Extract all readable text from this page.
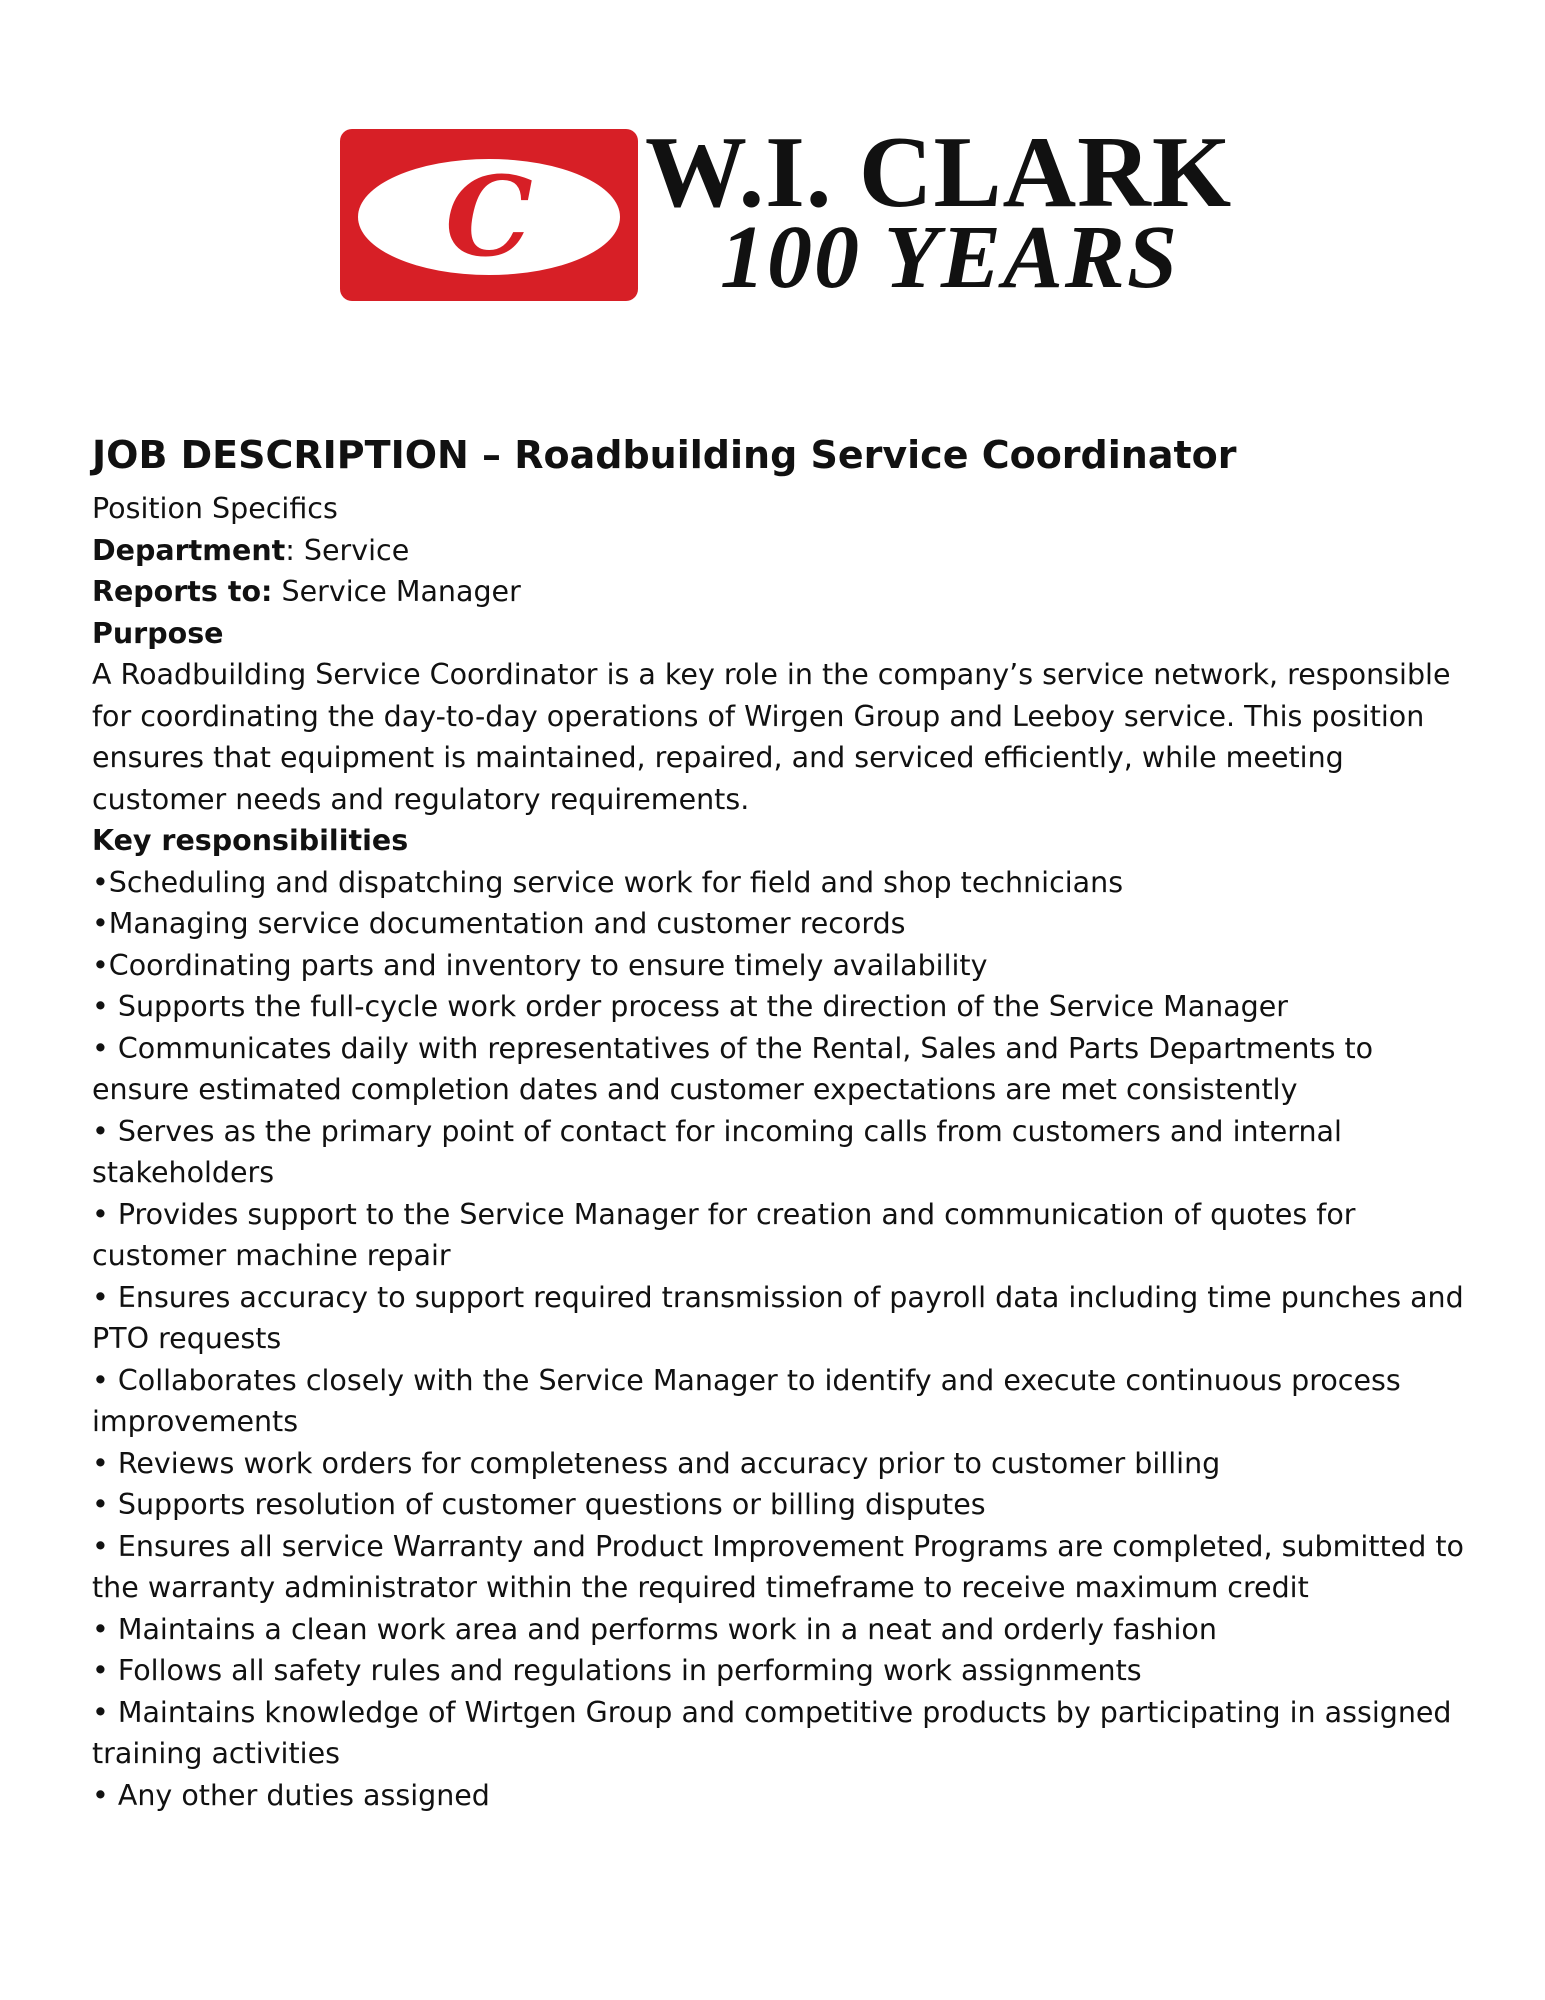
C	W.I. CLARK
100 YEARS
JOB DESCRIPTION – Roadbuilding Service Coordinator

Position Specifics

Department: Service

Reports to: Service Manager

Purpose

A Roadbuilding Service Coordinator is a key role in the company’s service network, responsible for coordinating the day-to-day operations of Wirgen Group and Leeboy service. This position ensures that equipment is maintained, repaired, and serviced efficiently, while meeting customer needs and regulatory requirements.

Key responsibilities

•Scheduling and dispatching service work for field and shop technicians
•Managing service documentation and customer records
•Coordinating parts and inventory to ensure timely availability
• Supports the full-cycle work order process at the direction of the Service Manager
• Communicates daily with representatives of the Rental, Sales and Parts Departments to ensure estimated completion dates and customer expectations are met consistently
• Serves as the primary point of contact for incoming calls from customers and internal stakeholders
• Provides support to the Service Manager for creation and communication of quotes for customer machine repair
• Ensures accuracy to support required transmission of payroll data including time punches and PTO requests
• Collaborates closely with the Service Manager to identify and execute continuous process improvements
• Reviews work orders for completeness and accuracy prior to customer billing
• Supports resolution of customer questions or billing disputes
• Ensures all service Warranty and Product Improvement Programs are completed, submitted to the warranty administrator within the required timeframe to receive maximum credit
• Maintains a clean work area and performs work in a neat and orderly fashion
• Follows all safety rules and regulations in performing work assignments
• Maintains knowledge of Wirtgen Group and competitive products by participating in assigned training activities
• Any other duties assigned
